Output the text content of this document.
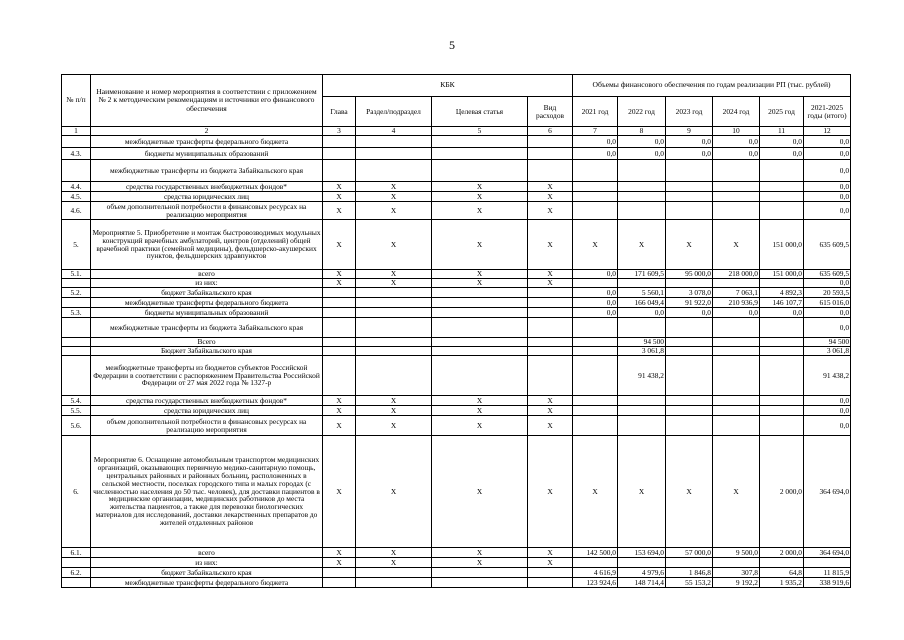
5
№ п/п	Наименование и номер мероприятия в соответствии с приложением № 2 к методическим рекомендациям и источники его финансового обеспечения	КБК				Объемы финансового обеспечения по годам реализации РП (тыс. рублей)					
		Глава	Раздел/подраздел	Целевая статья	Вид расходов	2021 год	2022 год	2023 год	2024 год	2025 год	2021-2025 годы (итого)
1	2	3	4	5	6	7	8	9	10	11	12
	межбюджетные трансферты федерального бюджета					0,0	0,0	0,0	0,0	0,0	0,0
4.3.	бюджеты муниципальных образований					0,0	0,0	0,0	0,0	0,0	0,0
	межбюджетные трансферты из бюджета Забайкальского края										0,0
4.4.	средства государственных внебюджетных фондов*	X	X	X	X						0,0
4.5.	средства юридических лиц	X	X	X	X						0,0
4.6.	объем дополнительной потребности в финансовых ресурсах на реализацию мероприятия	X	X	X	X						0,0
5.	Мероприятие 5. Приобретение и монтаж быстровозводимых модульных конструкций врачебных амбулаторий, центров (отделений) общей врачебной практики (семейной медицины), фельдшерско-акушерских пунктов, фельдшерских здравпунктов	X	X	X	X	X	X	X	X	151 000,0	635 609,5
5.1.	всего	X	X	X	X	0,0	171 609,5	95 000,0	218 000,0	151 000,0	635 609,5
	из них:	X	X	X	X						0,0
5.2.	бюджет Забайкальского края					0,0	5 560,1	3 078,0	7 063,1	4 892,3	20 593,5
	межбюджетные трансферты федерального бюджета					0,0	166 049,4	91 922,0	210 936,9	146 107,7	615 016,0
5.3.	бюджеты муниципальных образований					0,0	0,0	0,0	0,0	0,0	0,0
	межбюджетные трансферты из бюджета Забайкальского края										0,0
	Всего						94 500				94 500
	Бюджет Забайкальского края						3 061,8				3 061,8
	межбюджетные трансферты из бюджетов субъектов Российской Федерации в соответствии с распоряжением Правительства Российской Федерации от 27 мая 2022 года № 1327-р						91 438,2				91 438,2
5.4.	средства государственных внебюджетных фондов*	X	X	X	X						0,0
5.5.	средства юридических лиц	X	X	X	X						0,0
5.6.	объем дополнительной потребности в финансовых ресурсах на реализацию мероприятия	X	X	X	X						0,0
6.	Мероприятие 6. Оснащение автомобильным транспортом медицинских организаций, оказывающих первичную медико-санитарную помощь, центральных районных и районных больниц, расположенных в сельской местности, поселках городского типа и малых городах (с численностью населения до 50 тыс. человек), для доставки пациентов в медицинские организации, медицинских работников до места жительства пациентов, а также для перевозки биологических материалов для исследований, доставки лекарственных препаратов до жителей отдаленных районов	X	X	X	X	X	X	X	X	2 000,0	364 694,0
6.1.	всего	X	X	X	X	142 500,0	153 694,0	57 000,0	9 500,0	2 000,0	364 694,0
	из них:	X	X	X	X						
6.2.	бюджет Забайкальского края					4 616,9	4 979,6	1 846,8	307,8	64,8	11 815,9
	межбюджетные трансферты федерального бюджета					123 924,6	148 714,4	55 153,2	9 192,2	1 935,2	338 919,6
